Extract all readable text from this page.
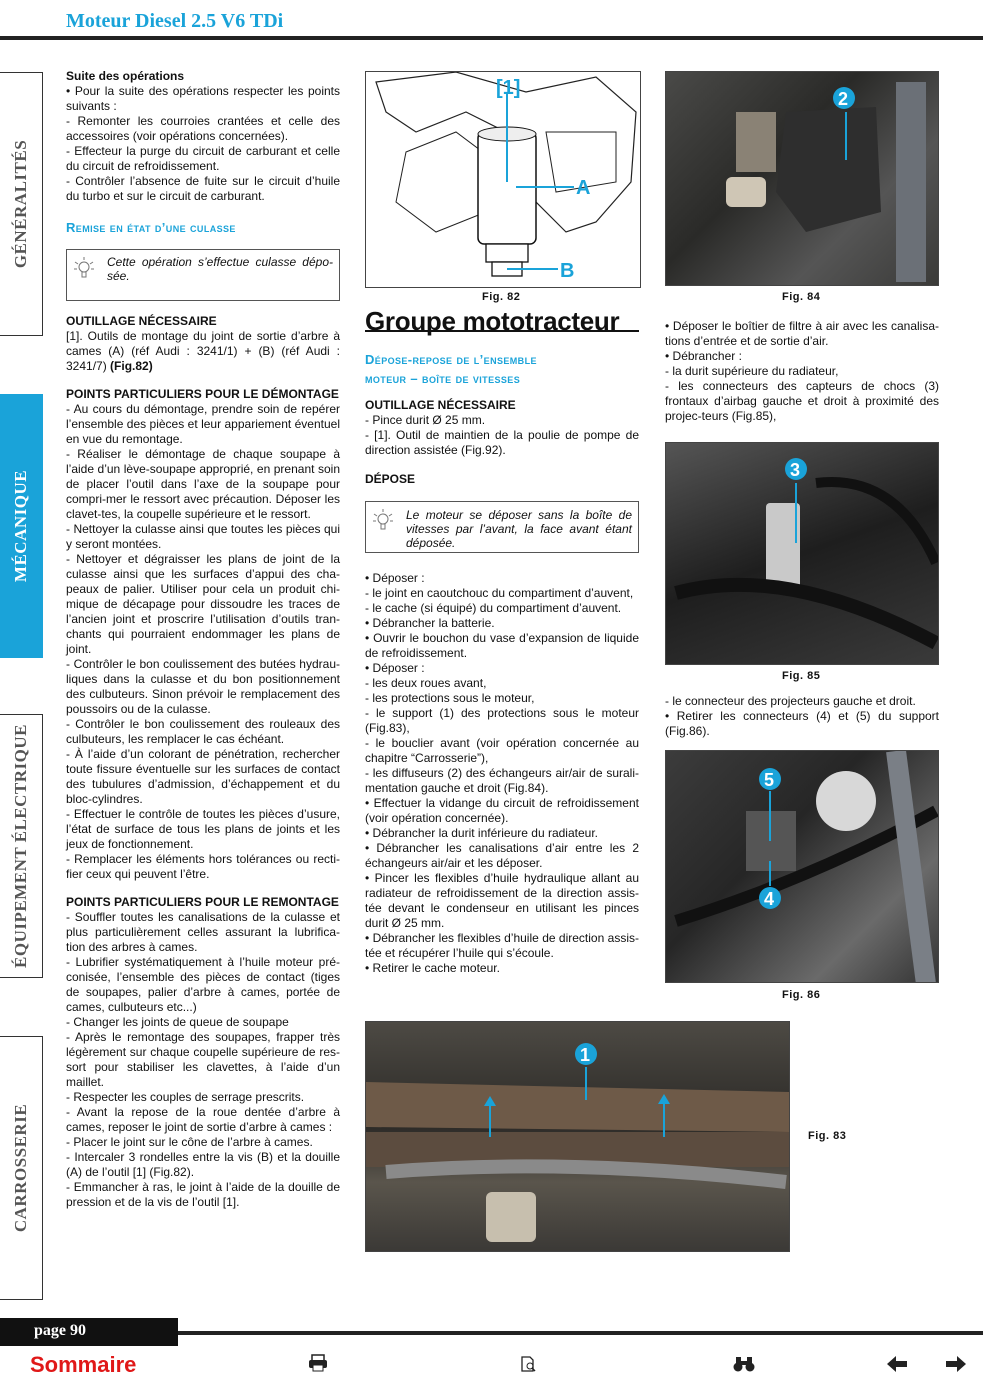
Moteur Diesel 2.5 V6 TDi
GÉNÉRALITÉS
MÉCANIQUE
ÉQUIPEMENT ÉLECTRIQUE
CARROSSERIE

Suite des opérations

• Pour la suite des opérations respecter les points suivants :

- Remonter les courroies crantées et celle des accessoires (voir opérations concernées).

- Effecteur la purge du circuit de carburant et celle du circuit de refroidissement.

- Contrôler l’absence de fuite sur le circuit d’huile du turbo et sur le circuit de carburant.

Remise en état d’une culasse
Cette opération s’effectue culasse dépo-sée.

OUTILLAGE NÉCESSAIRE

[1]. Outils de montage du joint de sortie d’arbre à cames (A) (réf Audi : 3241/1) + (B) (réf Audi : 3241/7) (Fig.82)

POINTS PARTICULIERS POUR LE DÉMONTAGE

- Au cours du démontage, prendre soin de repérer l’ensemble des pièces et leur appariement éventuel en vue du remontage.

- Réaliser le démontage de chaque soupape à l’aide d’un lève-soupape approprié, en prenant soin de placer l’outil dans l’axe de la soupape pour compri-mer le ressort avec précaution. Déposer les clavet-tes, la coupelle supérieure et le ressort.

- Nettoyer la culasse ainsi que toutes les pièces qui y seront montées.

- Nettoyer et dégraisser les plans de joint de la culasse ainsi que les surfaces d’appui des cha-peaux de palier. Utiliser pour cela un produit chi-mique de décapage pour dissoudre les traces de l’ancien joint et proscrire l’utilisation d’outils tran-chants qui pourraient endommager les plans de joint.

- Contrôler le bon coulissement des butées hydrau-liques dans la culasse et du bon positionnement des culbuteurs. Sinon prévoir le remplacement des poussoirs ou de la culasse.

- Contrôler le bon coulissement des rouleaux des culbuteurs, les remplacer le cas échéant.

- À l’aide d’un colorant de pénétration, rechercher toute fissure éventuelle sur les surfaces de contact des tubulures d’admission, d’échappement et du bloc-cylindres.

- Effectuer le contrôle de toutes les pièces d’usure, l’état de surface de tous les plans de joints et les jeux de fonctionnement.

- Remplacer les éléments hors tolérances ou recti-fier ceux qui peuvent l’être.

POINTS PARTICULIERS POUR LE REMONTAGE

- Souffler toutes les canalisations de la culasse et plus particulièrement celles assurant la lubrifica-tion des arbres à cames.

- Lubrifier systématiquement à l’huile moteur pré-conisée, l’ensemble des pièces de contact (tiges de soupapes, palier d’arbre à cames, portée de cames, culbuteurs etc...)

- Changer les joints de queue de soupape

- Après le remontage des soupapes, frapper très légèrement sur chaque coupelle supérieure de res-sort pour stabiliser les clavettes, à l’aide d’un maillet.

- Respecter les couples de serrage prescrits.

- Avant la repose de la roue dentée d’arbre à cames, reposer le joint de sortie d’arbre à cames :

- Placer le joint sur le cône de l’arbre à cames.

- Intercaler 3 rondelles entre la vis (B) et la douille (A) de l’outil [1] (Fig.82).

- Emmancher à ras, le joint à l’aide de la douille de pression et de la vis de l’outil [1].

[1]
A
B
Fig. 82
Groupe mototracteur
Dépose-repose de l’ensemble
moteur – boîte de vitesses

OUTILLAGE NÉCESSAIRE

- Pince durit Ø 25 mm.

- [1]. Outil de maintien de la poulie de pompe de direction assistée (Fig.92).

DÉPOSE

Le moteur se déposer sans la boîte de vitesses par l’avant, la face avant étant déposée.

• Déposer :

- le joint en caoutchouc du compartiment d’auvent,

- le cache (si équipé) du compartiment d’auvent.

• Débrancher la batterie.

• Ouvrir le bouchon du vase d’expansion de liquide de refroidissement.

• Déposer :

- les deux roues avant,

- les protections sous le moteur,

- le support (1) des protections sous le moteur (Fig.83),

- le bouclier avant (voir opération concernée au chapitre “Carrosserie”),

- les diffuseurs (2) des échangeurs air/air de surali-mentation gauche et droit (Fig.84).

• Effectuer la vidange du circuit de refroidissement (voir opération concernée).

• Débrancher la durit inférieure du radiateur.

• Débrancher les canalisations d’air entre les 2 échangeurs air/air et les déposer.

• Pincer les flexibles d’huile hydraulique allant au radiateur de refroidissement de la direction assis-tée devant le condenseur en utilisant les pinces durit Ø 25 mm.

• Débrancher les flexibles d’huile de direction assis-tée et récupérer l’huile qui s’écoule.

• Retirer le cache moteur.

2
Fig. 84

• Déposer le boîtier de filtre à air avec les canalisa-tions d’entrée et de sortie d’air.

• Débrancher :

- la durit supérieure du radiateur,

- les connecteurs des capteurs de chocs (3) frontaux d’airbag gauche et droit à proximité des projec-teurs (Fig.85),

3
Fig. 85

- le connecteur des projecteurs gauche et droit.

• Retirer les connecteurs (4) et (5) du support (Fig.86).

5
4
Fig. 86
1
Fig. 83
page 90
Sommaire
